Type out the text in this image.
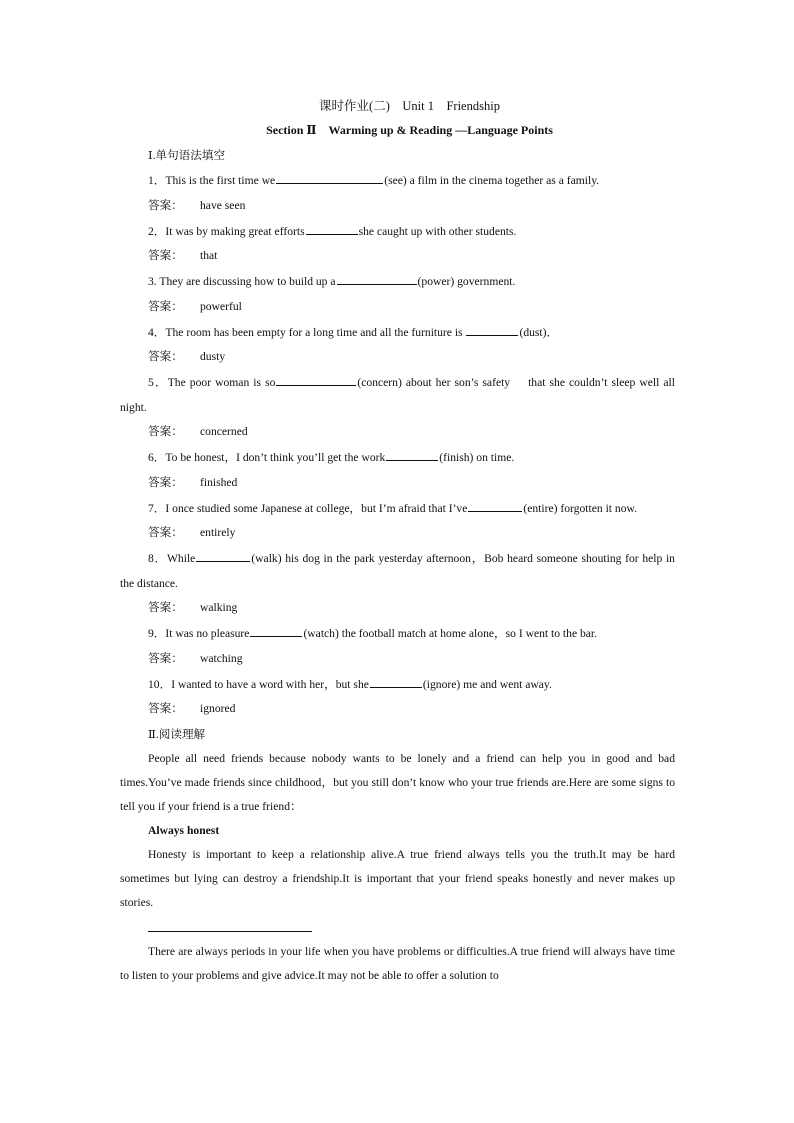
课时作业(二)　Unit 1　Friendship
Section Ⅱ　Warming up & Reading —Language Points
Ⅰ.单句语法填空
1．This is the first time we	(see) a film in the cinema together as a family.
答案： have seen
2．It was by making great efforts	she caught up with other students.
答案： that
3. They are discussing how to build up a	(power) government.
答案： powerful
4．The room has been empty for a long time and all the furniture is	(dust)．
答案： dusty
5．The poor woman is so	(concern) about her son’s safety　 that she couldn’t sleep well all night.
答案： concerned
6．To be honest，I don’t think you’ll get the work	(finish) on time.
答案： finished
7．I once studied some Japanese at college，but I’m afraid that I’ve	(entire) forgotten it now.
答案： entirely
8．While	(walk) his dog in the park yesterday afternoon，Bob heard someone shouting for help in the distance.
答案： walking
9．It was no pleasure	(watch) the football match at home alone，so I went to the bar.
答案： watching
10．I wanted to have a word with her，but she	(ignore) me and went away.
答案： ignored
Ⅱ.阅读理解
People all need friends because nobody wants to be lonely and a friend can help you in good and bad times.You’ve made friends since childhood，but you still don’t know who your true friends are.Here are some signs to tell you if your friend is a true friend：
Always honest
Honesty is important to keep a relationship alive.A true friend always tells you the truth.It may be hard sometimes but lying can destroy a friendship.It is important that your friend speaks honestly and never makes up stories.
There are always periods in your life when you have problems or difficulties.A true friend will always have time to listen to your problems and give advice.It may not be able to offer a solution to
